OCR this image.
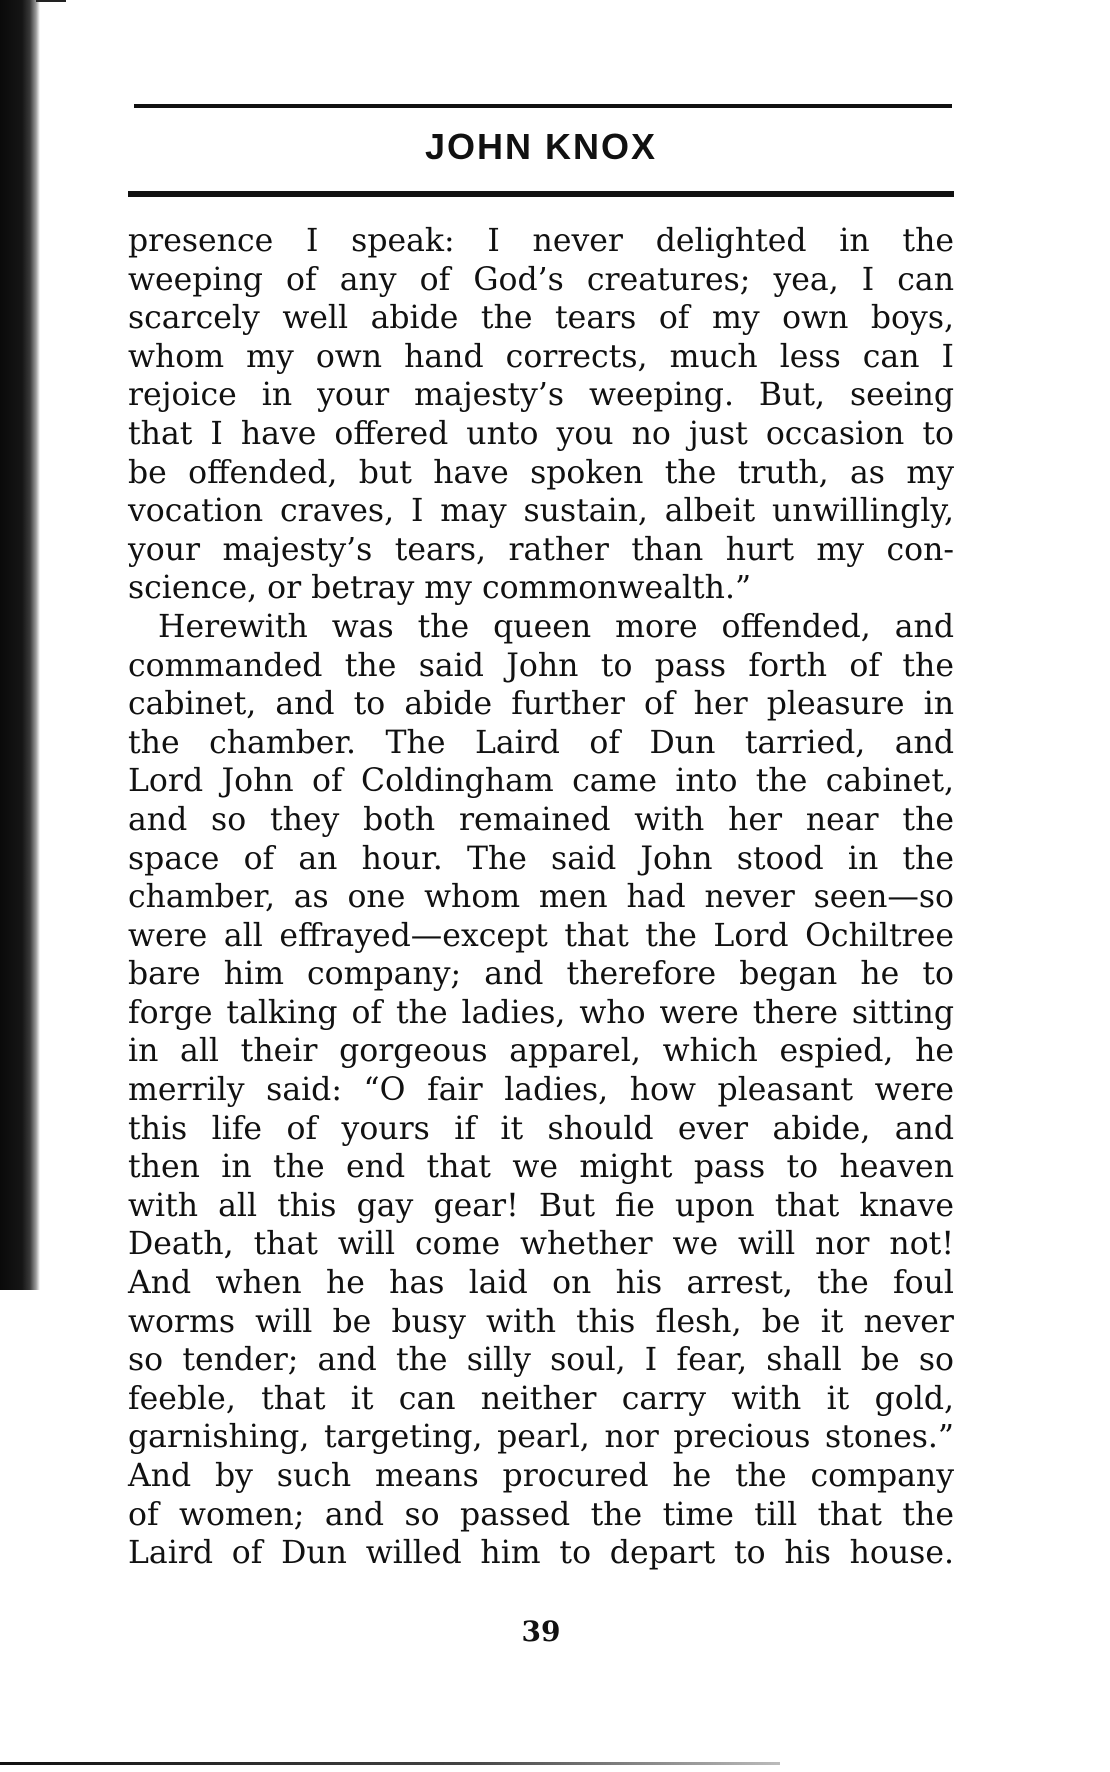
JOHN KNOX
presence I speak: I never delighted in the
weeping of any of God’s creatures; yea, I can
scarcely well abide the tears of my own boys,
whom my own hand corrects, much less can I
rejoice in your majesty’s weeping. But, seeing
that I have offered unto you no just occasion to
be offended, but have spoken the truth, as my
vocation craves, I may sustain, albeit unwillingly,
your majesty’s tears, rather than hurt my con-
science, or betray my commonwealth.”
Herewith was the queen more offended, and
commanded the said John to pass forth of the
cabinet, and to abide further of her pleasure in
the chamber. The Laird of Dun tarried, and
Lord John of Coldingham came into the cabinet,
and so they both remained with her near the
space of an hour. The said John stood in the
chamber, as one whom men had never seen—so
were all effrayed—except that the Lord Ochiltree
bare him company; and therefore began he to
forge talking of the ladies, who were there sitting
in all their gorgeous apparel, which espied, he
merrily said: “O fair ladies, how pleasant were
this life of yours if it should ever abide, and
then in the end that we might pass to heaven
with all this gay gear! But fie upon that knave
Death, that will come whether we will nor not!
And when he has laid on his arrest, the foul
worms will be busy with this flesh, be it never
so tender; and the silly soul, I fear, shall be so
feeble, that it can neither carry with it gold,
garnishing, targeting, pearl, nor precious stones.”
And by such means procured he the company
of women; and so passed the time till that the
Laird of Dun willed him to depart to his house.
39
